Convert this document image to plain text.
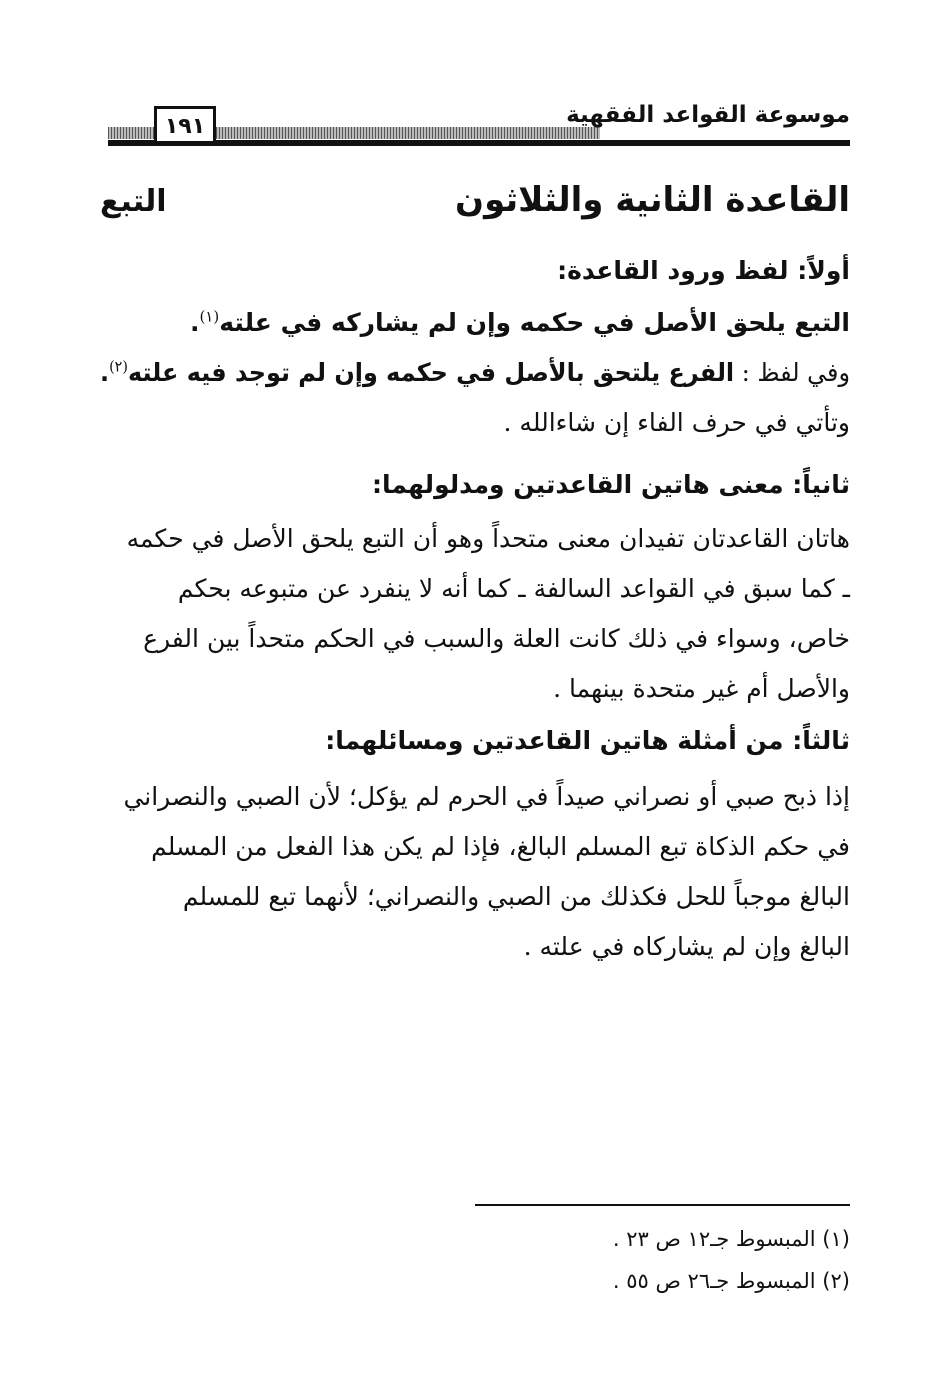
موسوعة القواعد الفقهية
١٩١
القاعدة الثانية والثلاثون
التبع
أولاً: لفظ ورود القاعدة:
التبع يلحق الأصل في حكمه وإن لم يشاركه في علته$^{(١)}$.
وفي لفظ : الفرع يلتحق بالأصل في حكمه وإن لم توجد فيه علته$^{(٢)}$.
وتأتي في حرف الفاء إن شاءالله .
ثانياً: معنى هاتين القاعدتين ومدلولهما:
هاتان القاعدتان تفيدان معنى متحداً وهو أن التبع يلحق الأصل في حكمه
ـ كما سبق في القواعد السالفة ـ كما أنه لا ينفرد عن متبوعه بحكم
خاص، وسواء في ذلك كانت العلة والسبب في الحكم متحداً بين الفرع
والأصل أم غير متحدة بينهما .
ثالثاً: من أمثلة هاتين القاعدتين ومسائلهما:
إذا ذبح صبي أو نصراني صيداً في الحرم لم يؤكل؛ لأن الصبي والنصراني
في حكم الذكاة تبع المسلم البالغ، فإذا لم يكن هذا الفعل من المسلم
البالغ موجباً للحل فكذلك من الصبي والنصراني؛ لأنهما تبع للمسلم
البالغ وإن لم يشاركاه في علته .
(١) المبسوط جـ١٢ ص ٢٣ .
(٢) المبسوط جـ٢٦ ص ٥٥ .
